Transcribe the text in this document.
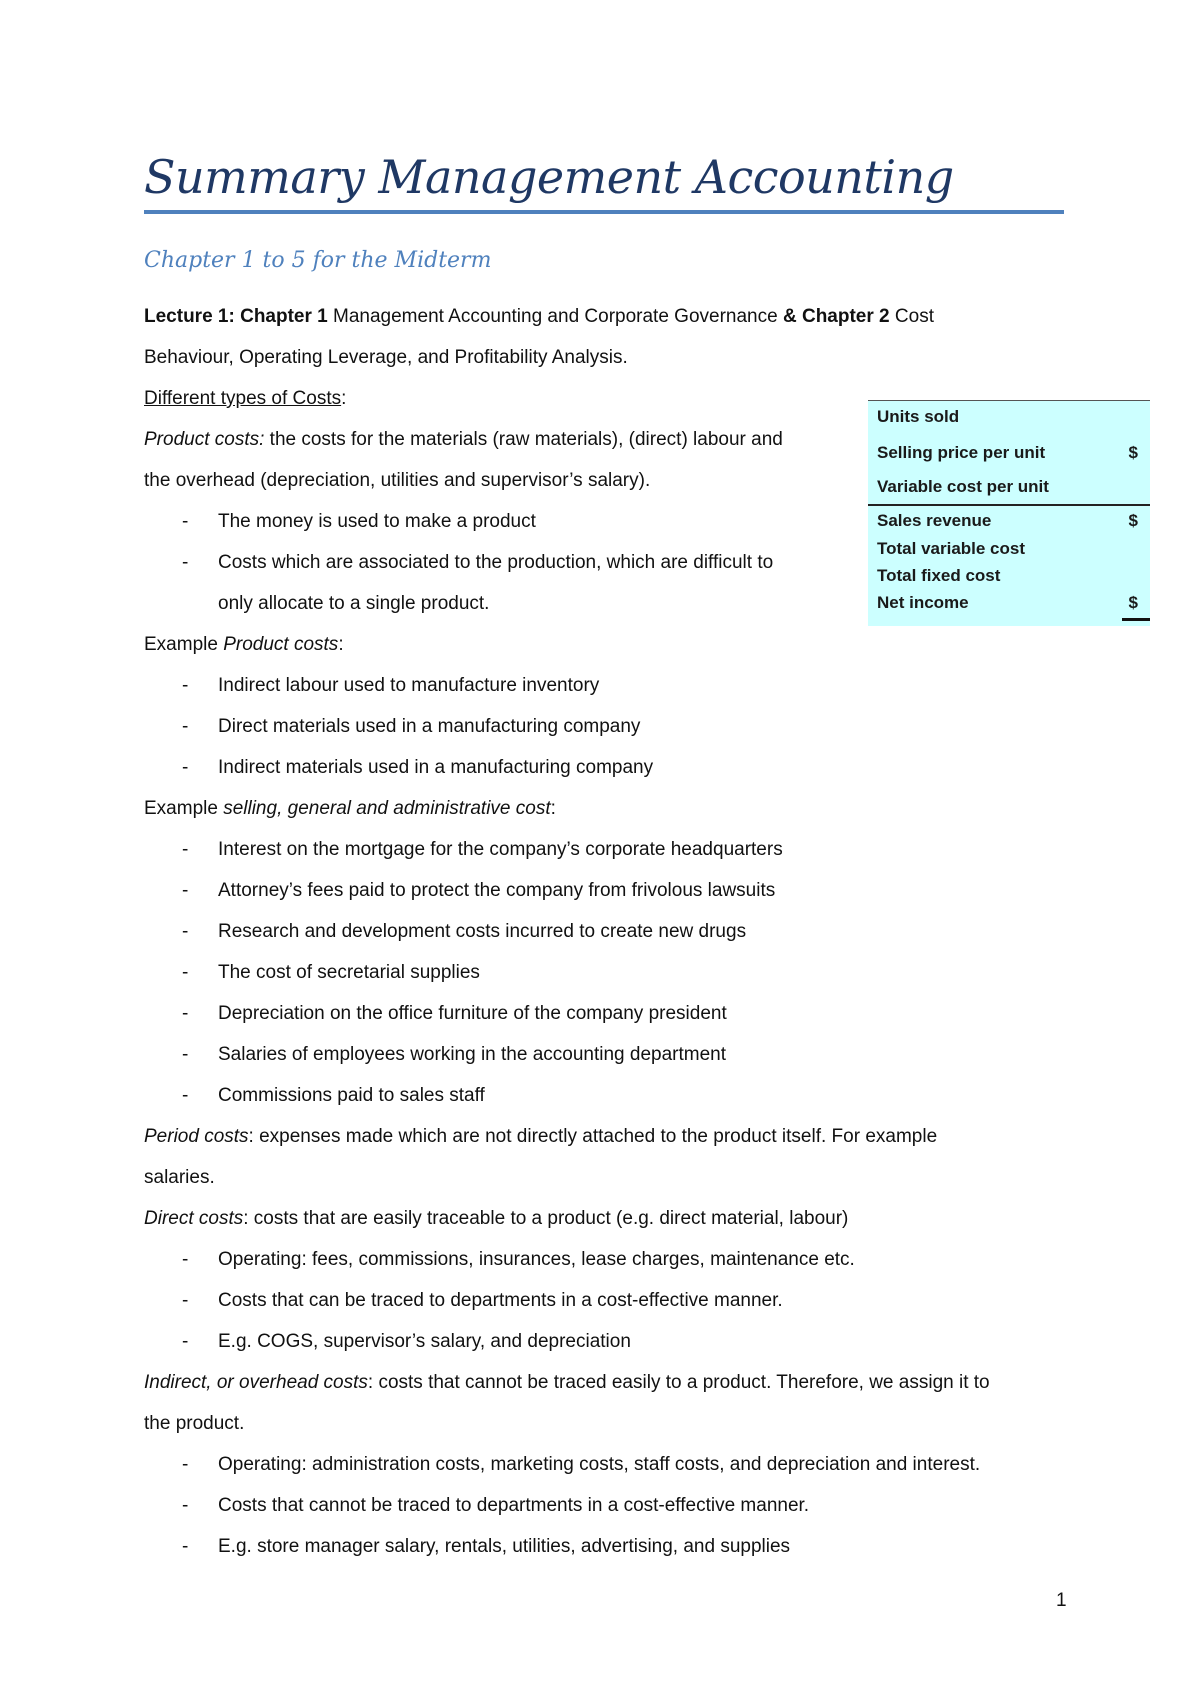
Summary Management Accounting
Chapter 1 to 5 for the Midterm
Lecture 1: Chapter 1 Management Accounting and Corporate Governance & Chapter 2 Cost
Behaviour, Operating Leverage, and Profitability Analysis.
Different types of Costs:
Product costs: the costs for the materials (raw materials), (direct) labour and
the overhead (depreciation, utilities and supervisor’s salary).
- The money is used to make a product
- Costs which are associated to the production, which are difficult to
only allocate to a single product.
Example Product costs:
- Indirect labour used to manufacture inventory
- Direct materials used in a manufacturing company
- Indirect materials used in a manufacturing company
Example selling, general and administrative cost:
- Interest on the mortgage for the company’s corporate headquarters
- Attorney’s fees paid to protect the company from frivolous lawsuits
- Research and development costs incurred to create new drugs
- The cost of secretarial supplies
- Depreciation on the office furniture of the company president
- Salaries of employees working in the accounting department
- Commissions paid to sales staff
Period costs: expenses made which are not directly attached to the product itself. For example
salaries.
Direct costs: costs that are easily traceable to a product (e.g. direct material, labour)
- Operating: fees, commissions, insurances, lease charges, maintenance etc.
- Costs that can be traced to departments in a cost-effective manner.
- E.g. COGS, supervisor’s salary, and depreciation
Indirect, or overhead costs: costs that cannot be traced easily to a product. Therefore, we assign it to
the product.
- Operating: administration costs, marketing costs, staff costs, and depreciation and interest.
- Costs that cannot be traced to departments in a cost-effective manner.
- E.g. store manager salary, rentals, utilities, advertising, and supplies
Units sold
Selling price per unit	$
Variable cost per unit
Sales revenue	$
Total variable cost
Total fixed cost
Net income	$
1
